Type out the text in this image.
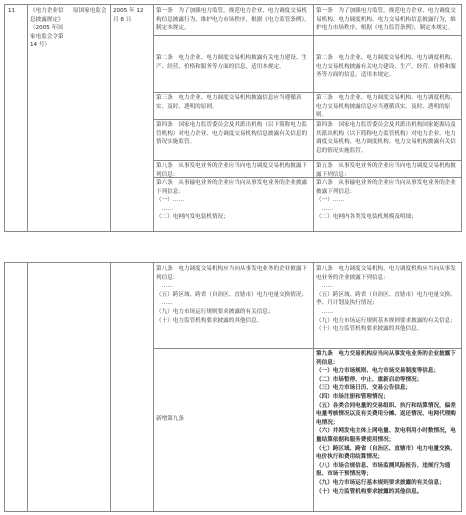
11	《电力企业信息披露规定》（2005 年国家电监会令第 14 号）

原国家电监会 2005 年 12 月 8 日

第一条　为了加强电力监管，规范电力企业、电力调度交易机构信息披露行为，维护电力市场秩序，根据《电力监管条例》，制定本规定。

第二条　电力企业、电力调度交易机构披露有关电力建设、生产、经营、价格和服务等方面的信息，适用本规定。

第三条　电力企业、电力调度交易机构披露信息应当遵循真实、及时、透明的原则。

第四条　国家电力监管委员会及其派出机构（以下简称电力监管机构）对电力企业、电力调度交易机构信息披露有关信息的情况实施监管。

第八条　从事发电业务的企业应当向电力调度交易机构披露下列信息：

第六条　从事输电业务的企业应当向从事发电业务的企业披露下列信息：
（一）……
　……
（二）电网内发电装机情况；

第一条　为了加强电力监管，规范电力企业、电力调度交易机构、电力调度机构、电力交易机构信息披露行为，维护电力市场秩序，根据《电力监管条例》，制定本规定。

第二条　电力企业、电力调度交易机构、电力调度机构、电力交易机构披露有关电力建设、生产、经营、价格和服务等方面的信息，适用本规定。

第三条　电力企业、电力调度交易机构、电力调度机构、电力交易机构披露信息应当遵循真实、及时、透明的原则。

第四条　国家电力监管委员会及其派出机构国家能源局及其派出机构（以下简称电力监管机构）对电力企业、电力调度交易机构、电力调度机构、电力交易机构披露有关信息的情况实施监管。

第五条　从事发电业务的企业应当向电力调度交易机构披露下列信息：

第六条　从事输电业务的企业应当向从事发电业务的企业披露下列信息：
（一）……
　……
（二）电网内各类发电装机规模及明细；

第八条　电力调度交易机构应当向从事发电业务的企业披露下列信息：
　……
（五）跨区域、跨省（自治区、直辖市）电力电量交换情况；
　……
（九）电力市场运行规则要求披露的有关信息；
（十）电力监管机构要求披露的其他信息。

新增第九条

第八条　电力调度交易机构、电力调度机构应当向从事发电业务的企业披露下列信息：
　……
（五）跨区域、跨省（自治区、直辖市）电力电量交换、季、月计划及执行情况；
　……
（九）电力市场运行规则基本规则要求披露的有关信息；
（十）电力监管机构要求披露的其他信息。

第九条　电力交易机构应当向从事发电业务的企业披露下列信息：
（一）电力市场规则、电力市场交易制度等信息；
（二）市场暂停、中止、重新启动等情况；
（三）电力市场日历、交易公告信息；
（四）市场注册和管理情况；
（五）各类合同电量的交易组织、执行和结算情况，偏差电量考核情况以及有关费用分摊、返还情况、电网代理购电情况；
（六）并网发电主体上网电量、发电利用小时数情况，电量结算依据和服务费使用情况；
（七）跨区域、跨省（自治区、直辖市）电力电量交换、电价执行和费用结算情况；
（八）市场合规信息、市场监测风险报告、违规行为通报、市场干预情况等；
（九）电力市场运行基本规则要求披露的有关信息；
（十）电力监管机构要求披露的其他信息。
